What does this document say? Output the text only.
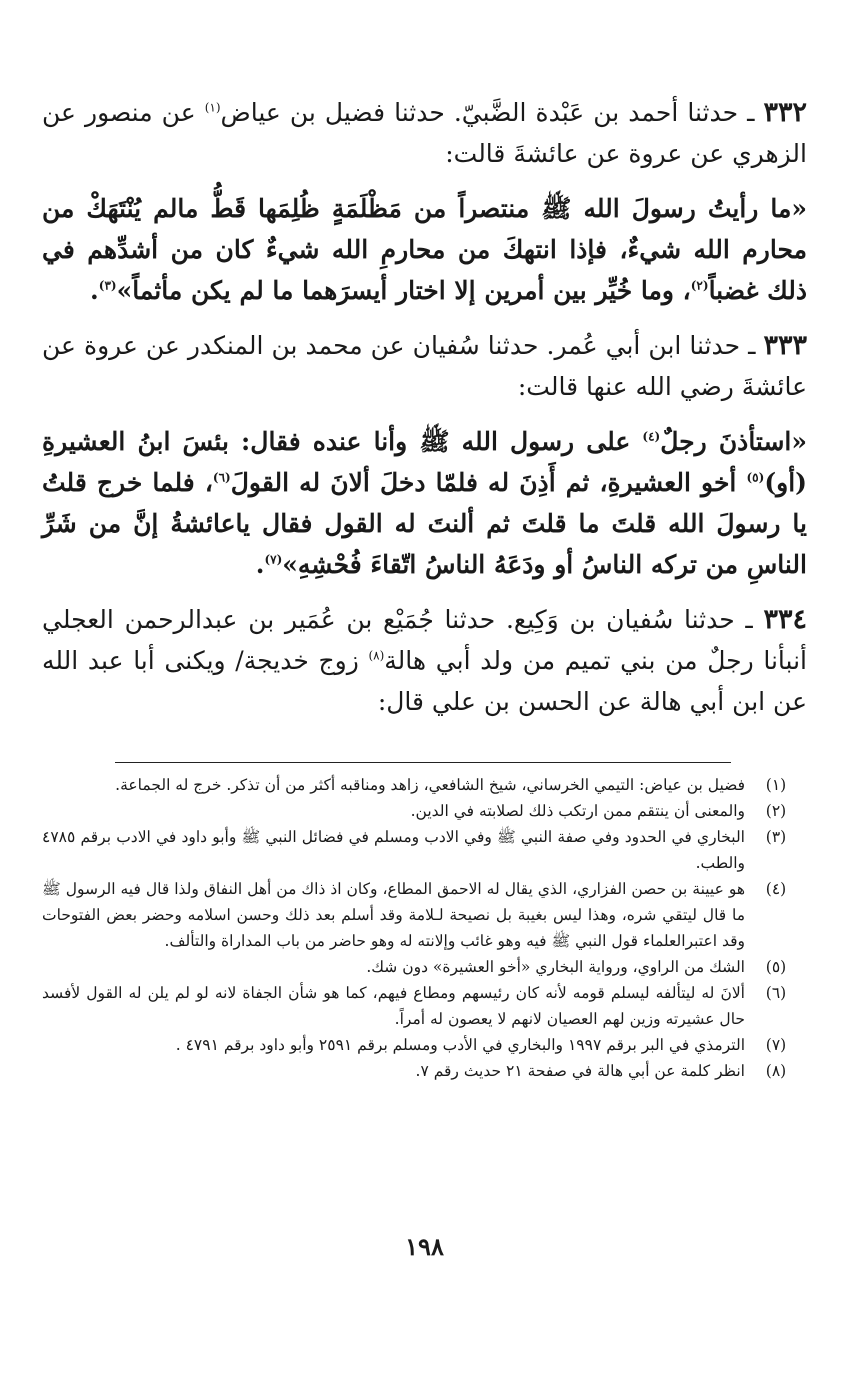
٣٣٢ ـ حدثنا أحمد بن عَبْدة الضَّبيّ. حدثنا فضيل بن عياض$^{(١)}$ عن منصور عن الزهري عن عروة عن عائشةَ قالت:

«ما رأيتُ رسولَ الله ﷺ منتصراً من مَظْلَمَةٍ ظُلِمَها قَطُّ مالم يُنْتَهَكْ من محارم الله شيءٌ، فإذا انتهكَ من محارمِ الله شيءٌ كان من أشدِّهم في ذلك غضباً$^{(٢)}$، وما خُيِّر بين أمرين إلا اختار أيسرَهما ما لم يكن مأثماً»$^{(٣)}$.

٣٣٣ ـ حدثنا ابن أبي عُمر. حدثنا سُفيان عن محمد بن المنكدر عن عروة عن عائشةَ رضي الله عنها قالت:

«استأذنَ رجلٌ$^{(٤)}$ على رسول الله ﷺ وأنا عنده فقال: بئسَ ابنُ العشيرةِ (أو)$^{(٥)}$ أخو العشيرةِ، ثم أَذِنَ له فلمّا دخلَ ألانَ له القولَ$^{(٦)}$، فلما خرج قلتُ يا رسولَ الله قلتَ ما قلتَ ثم ألنتَ له القول فقال ياعائشةُ إنَّ من شَرِّ الناسِ من تركه الناسُ أو ودَعَهُ الناسُ اتّقاءَ فُحْشِهِ»$^{(٧)}$.

٣٣٤ ـ حدثنا سُفيان بن وَكِيع. حدثنا جُمَيْع بن عُمَير بن عبدالرحمن العجلي أنبأنا رجلٌ من بني تميم من ولد أبي هالة$^{(٨)}$ زوج خديجة/ ويكنى أبا عبد الله عن ابن أبي هالة عن الحسن بن علي قال:

(١)
فضيل بن عياض: التيمي الخرساني، شيخ الشافعي، زاهد ومناقبه أكثر من أن تذكر. خرج له الجماعة.
(٢)
والمعنى أن ينتقم ممن ارتكب ذلك لصلابته في الدين.
(٣)
البخاري في الحدود وفي صفة النبي ﷺ وفي الادب ومسلم في فضائل النبي ﷺ وأبو داود في الادب برقم ٤٧٨٥ والطب.
(٤)
هو عيينة بن حصن الفزاري، الذي يقال له الاحمق المطاع، وكان اذ ذاك من أهل النفاق ولذا قال فيه الرسول ﷺ ما قال ليتقي شره، وهذا ليس بغيبة بل نصيحة لـلامة وقد أسلم بعد ذلك وحسن اسلامه وحضر بعض الفتوحات وقد اعتبرالعلماء قول النبي ﷺ فيه وهو غائب وإلانته له وهو حاضر من باب المداراة والتألف.
(٥)
الشك من الراوي، ورواية البخاري «أخو العشيرة» دون شك.
(٦)
ألانَ له ليتألفه ليسلم قومه لأنه كان رئيسهم ومطاع فيهم، كما هو شأن الجفاة لانه لو لم يلن له القول لأفسد حال عشيرته وزين لهم العصيان لانهم لا يعصون له أمراً.
(٧)
الترمذي في البر برقم ١٩٩٧ والبخاري في الأدب ومسلم برقم ٢٥٩١ وأبو داود برقم ٤٧٩١ .
(٨)
انظر كلمة عن أبي هالة في صفحة ٢١ حديث رقم ٧.
١٩٨
